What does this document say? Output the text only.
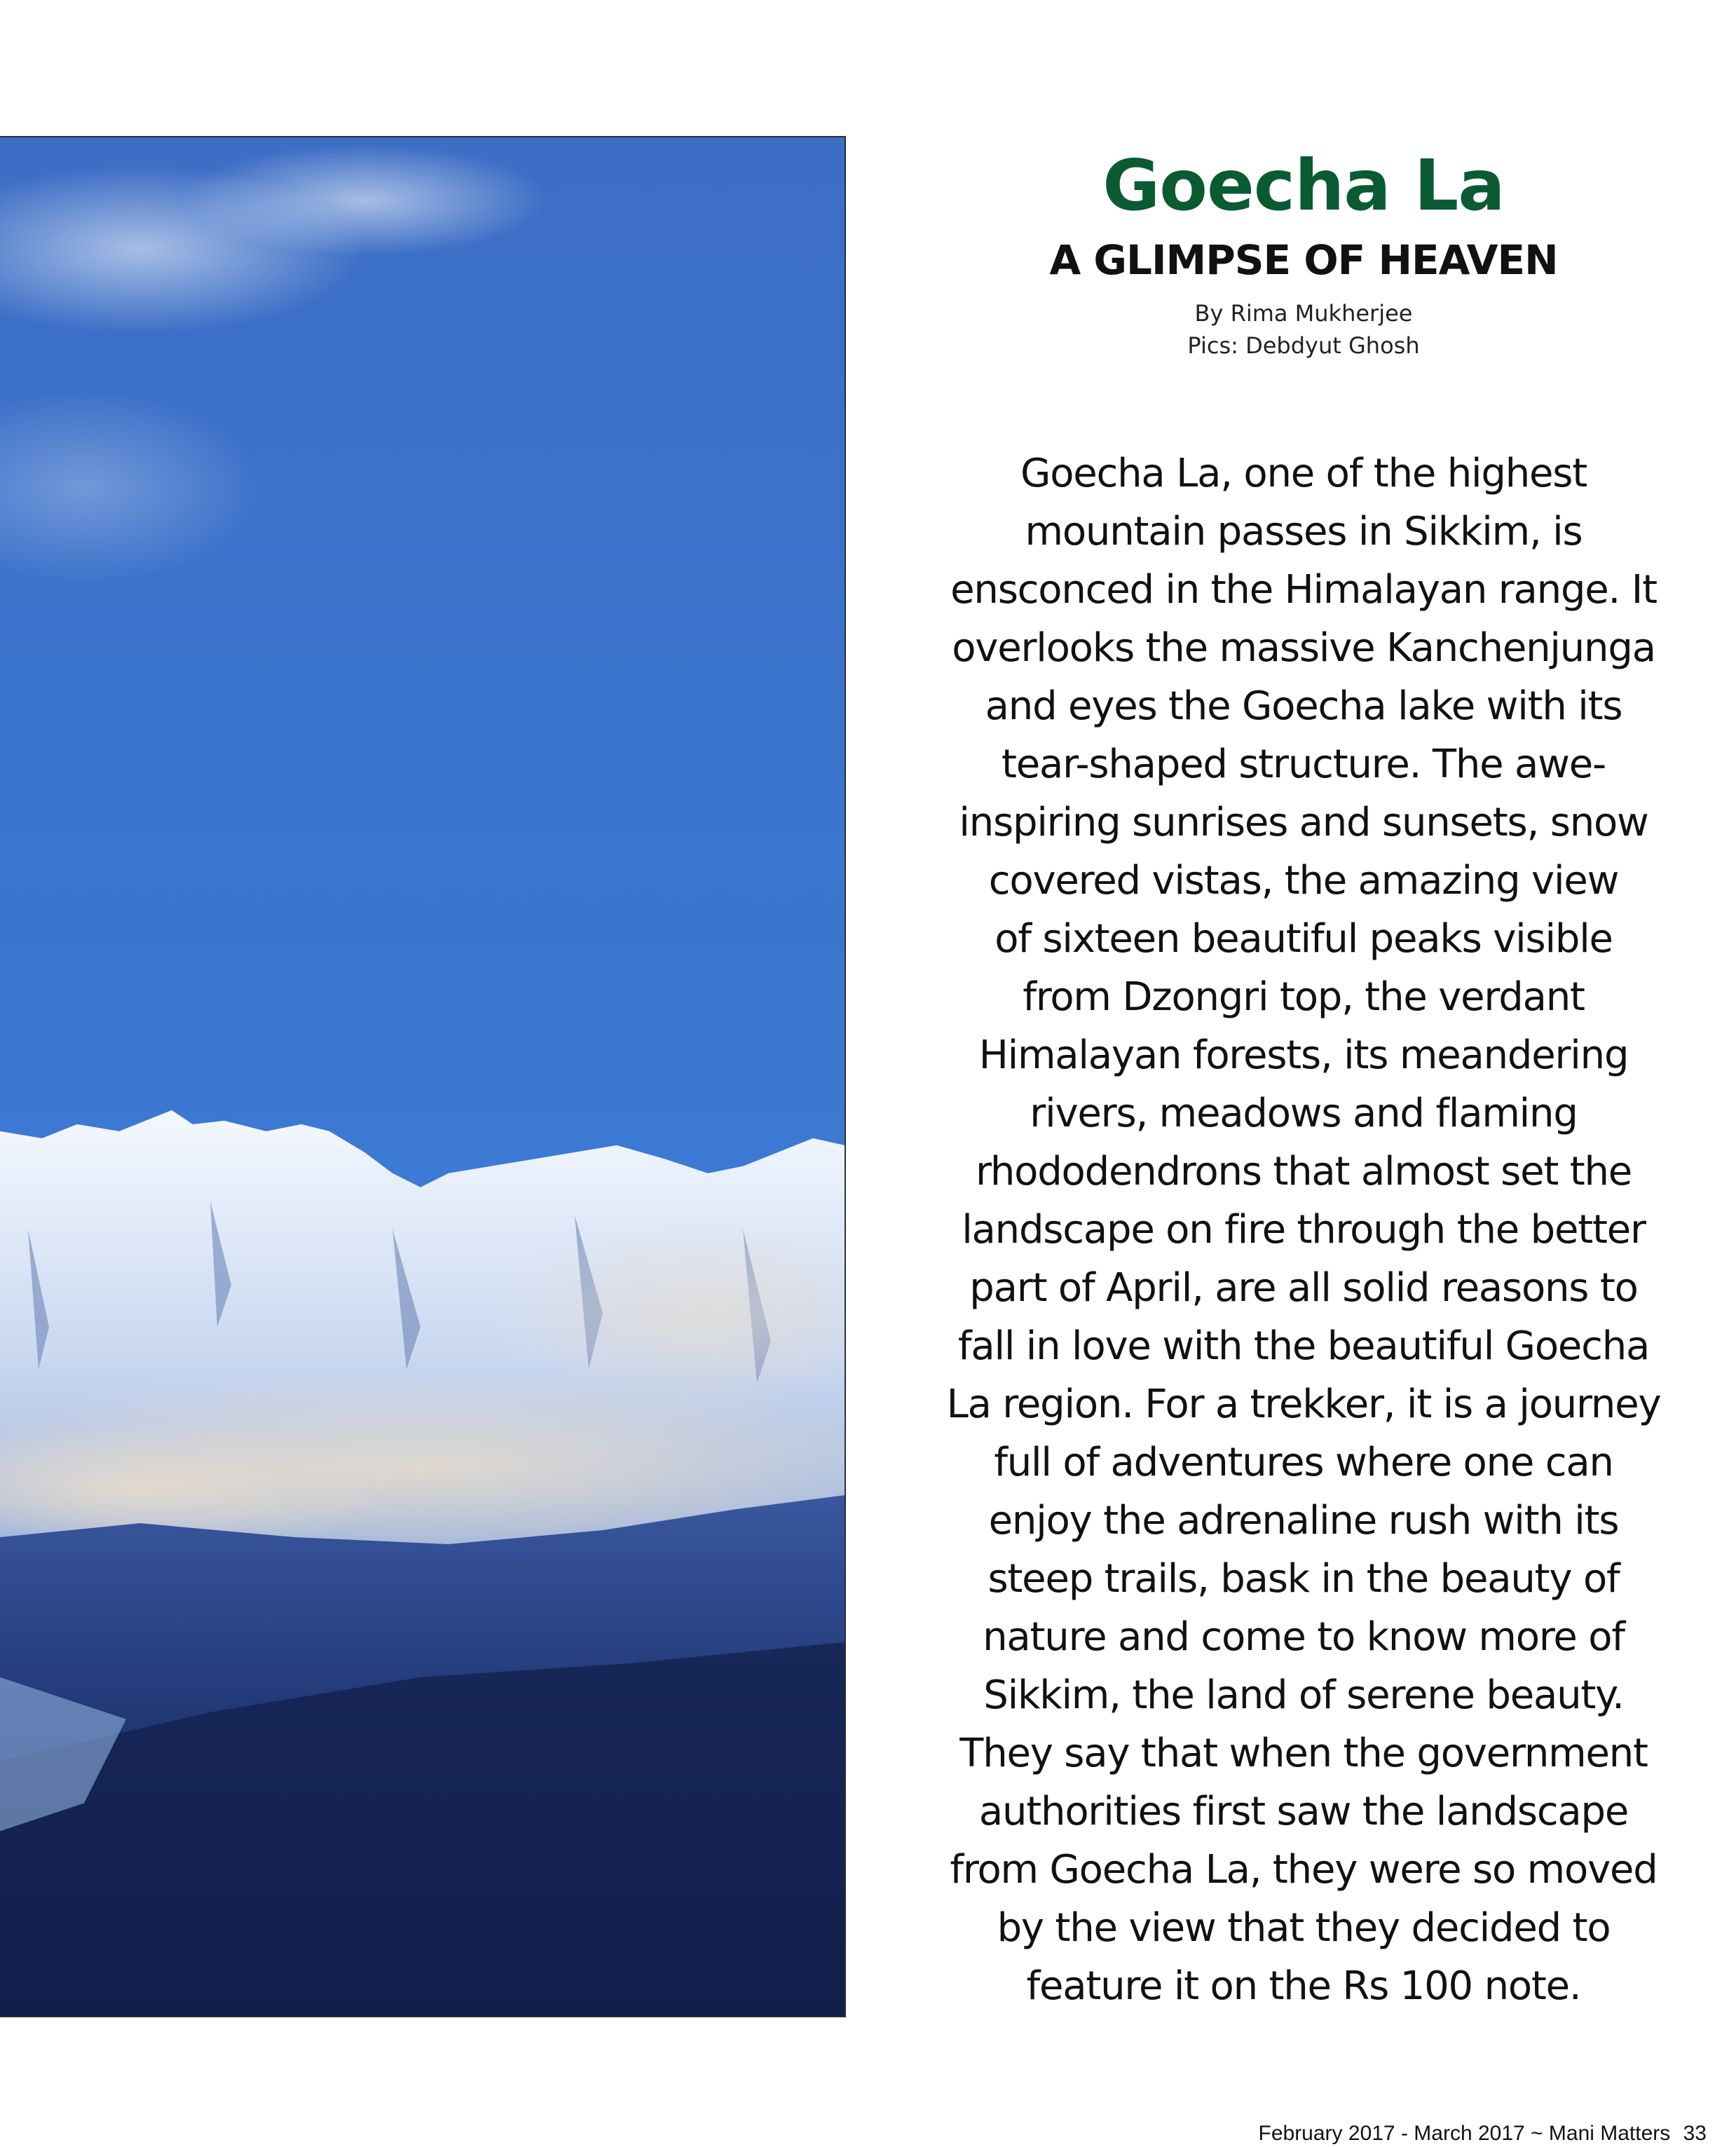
Goecha La
A GLIMPSE OF HEAVEN

By Rima Mukherjee

Pics: Debdyut Ghosh

Goecha La, one of the highest
mountain passes in Sikkim, is
ensconced in the Himalayan range. It
overlooks the massive Kanchenjunga
and eyes the Goecha lake with its
tear-shaped structure. The awe-
inspiring sunrises and sunsets, snow
covered vistas, the amazing view
of sixteen beautiful peaks visible
from Dzongri top, the verdant
Himalayan forests, its meandering
rivers, meadows and flaming
rhododendrons that almost set the
landscape on fire through the better
part of April, are all solid reasons to
fall in love with the beautiful Goecha
La region. For a trekker, it is a journey
full of adventures where one can
enjoy the adrenaline rush with its
steep trails, bask in the beauty of
nature and come to know more of
Sikkim, the land of serene beauty.
They say that when the government
authorities first saw the landscape
from Goecha La, they were so moved
by the view that they decided to
feature it on the Rs 100 note.
February 2017 - March 2017 ~ Mani Matters 33
